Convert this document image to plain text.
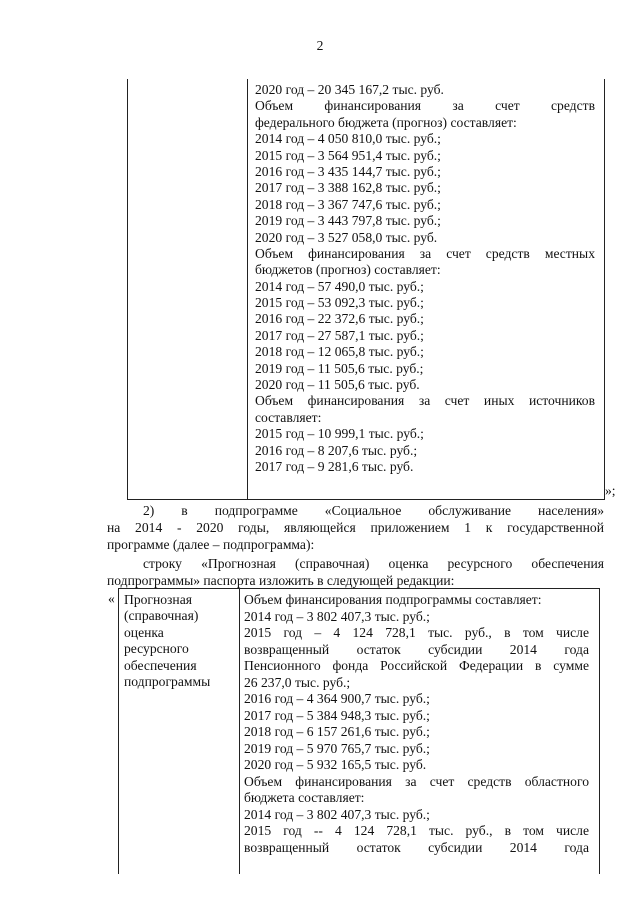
2
2020 год – 20 345 167,2 тыс. руб.
Объем финансирования за счет средств
федерального бюджета (прогноз) составляет:
2014 год – 4 050 810,0 тыс. руб.;
2015 год – 3 564 951,4 тыс. руб.;
2016 год – 3 435 144,7 тыс. руб.;
2017 год – 3 388 162,8 тыс. руб.;
2018 год – 3 367 747,6 тыс. руб.;
2019 год – 3 443 797,8 тыс. руб.;
2020 год – 3 527 058,0 тыс. руб.
Объем финансирования за счет средств местных
бюджетов (прогноз) составляет:
2014 год – 57 490,0 тыс. руб.;
2015 год – 53 092,3 тыс. руб.;
2016 год – 22 372,6 тыс. руб.;
2017 год – 27 587,1 тыс. руб.;
2018 год – 12 065,8 тыс. руб.;
2019 год – 11 505,6 тыс. руб.;
2020 год – 11 505,6 тыс. руб.
Объем финансирования за счет иных источников
составляет:
2015 год – 10 999,1 тыс. руб.;
2016 год – 8 207,6 тыс. руб.;
2017 год – 9 281,6 тыс. руб.
»;
2) в подпрограмме «Социальное обслуживание населения»
на 2014 - 2020 годы, являющейся приложением 1 к государственной
программе (далее – подпрограмма):
строку «Прогнозная (справочная) оценка ресурсного обеспечения
подпрограммы» паспорта изложить в следующей редакции:
« Прогнозная
(справочная)
оценка
ресурсного
обеспечения
подпрограммы
Объем финансирования подпрограммы составляет:
2014 год – 3 802 407,3 тыс. руб.;
2015 год – 4 124 728,1 тыс. руб., в том числе
возвращенный остаток субсидии 2014 года
Пенсионного фонда Российской Федерации в сумме
26 237,0 тыс. руб.;
2016 год – 4 364 900,7 тыс. руб.;
2017 год – 5 384 948,3 тыс. руб.;
2018 год – 6 157 261,6 тыс. руб.;
2019 год – 5 970 765,7 тыс. руб.;
2020 год – 5 932 165,5 тыс. руб.
Объем финансирования за счет средств областного
бюджета составляет:
2014 год – 3 802 407,3 тыс. руб.;
2015 год -- 4 124 728,1 тыс. руб., в том числе
возвращенный остаток субсидии 2014 года
